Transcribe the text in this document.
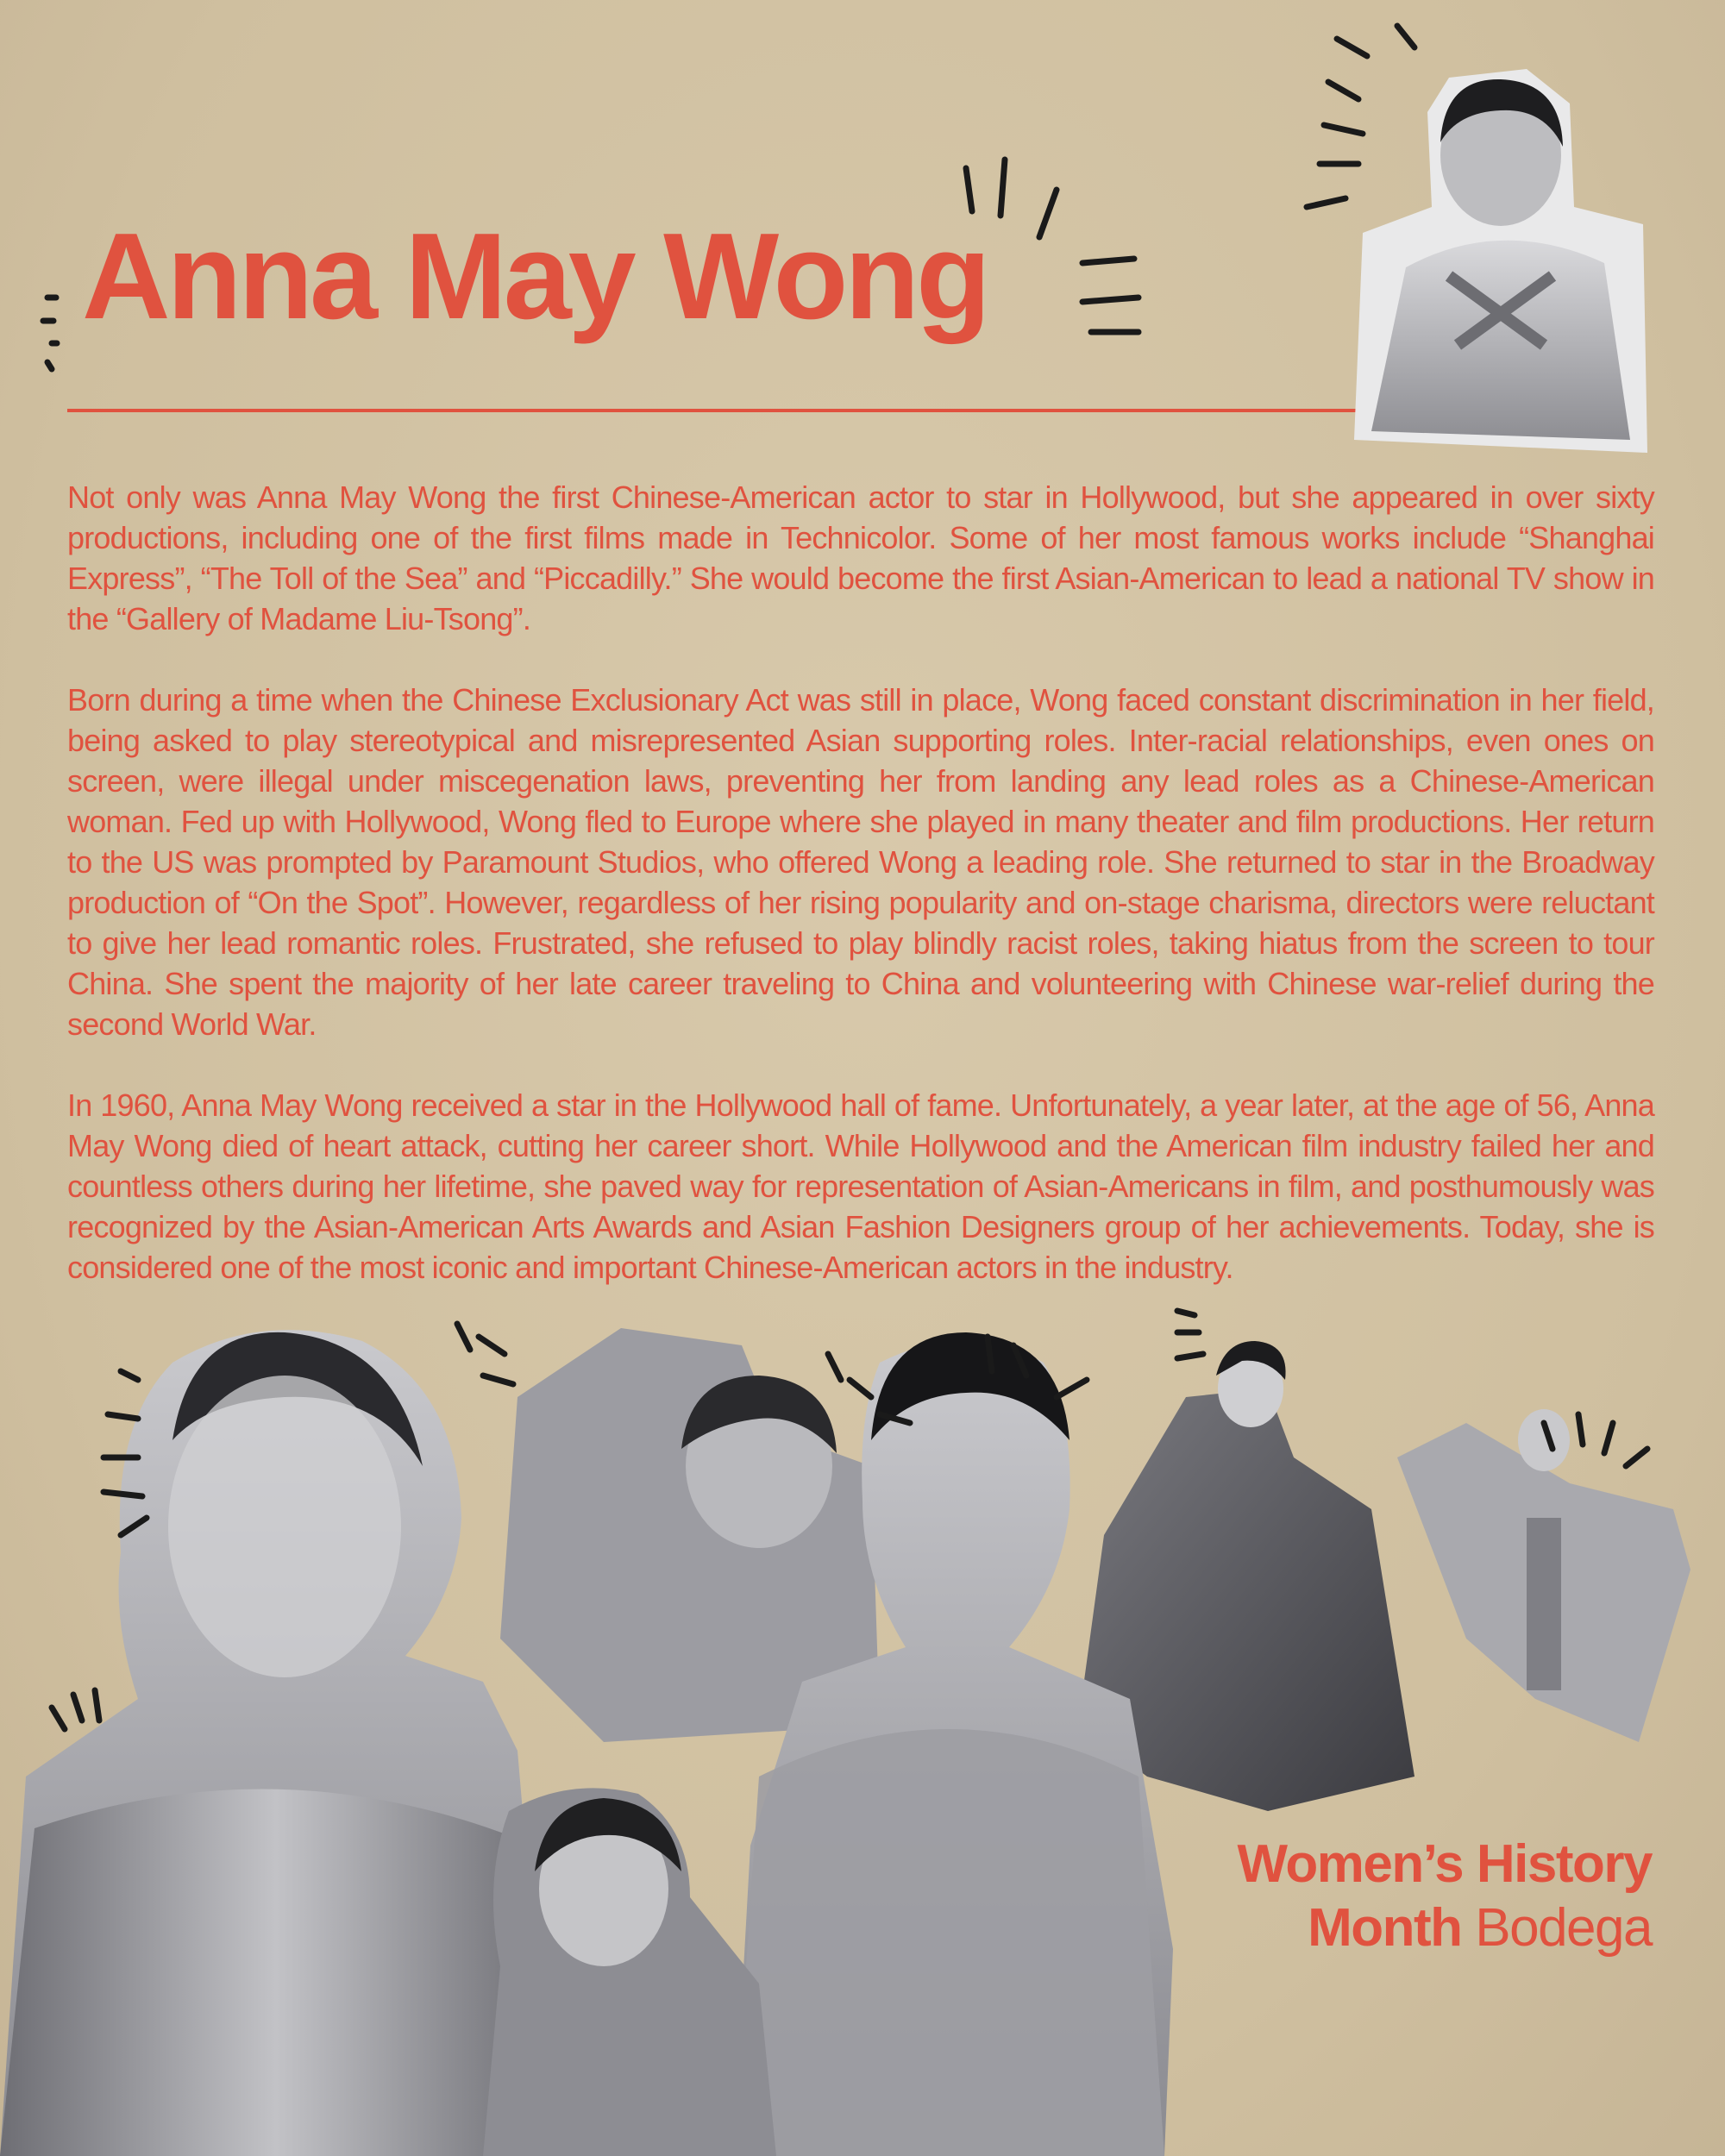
Anna May Wong

Not only was Anna May Wong the first Chinese-American actor to star in Hollywood, but she appeared in over sixty productions, including one of the first films made in Technicolor. Some of her most famous works include “Shanghai Express”, “The Toll of the Sea” and “Piccadilly.” She would become the first Asian-American to lead a national TV show in the “Gallery of Madame Liu-Tsong”.

Born during a time when the Chinese Exclusionary Act was still in place, Wong faced constant discrimination in her field, being asked to play stereotypical and misrepresented Asian supporting roles. Inter-racial relationships, even ones on screen, were illegal under miscegenation laws, preventing her from landing any lead roles as a Chinese-American woman. Fed up with Hollywood, Wong fled to Europe where she played in many theater and film productions. Her return to the US was prompted by Paramount Studios, who offered Wong a leading role. She returned to star in the Broadway production of “On the Spot”. However, regardless of her rising popularity and on-stage charisma, directors were reluctant to give her lead romantic roles. Frustrated, she refused to play blindly racist roles, taking hiatus from the screen to tour China. She spent the majority of her late career traveling to China and volunteering with Chinese war-relief during the second World War.

In 1960, Anna May Wong received a star in the Hollywood hall of fame. Unfortunately, a year later, at the age of 56, Anna May Wong died of heart attack, cutting her career short. While Hollywood and the American film industry failed her and countless others during her lifetime, she paved way for representation of Asian-Americans in film, and posthumously was recognized by the Asian-American Arts Awards and Asian Fashion Designers group of her achievements. Today, she is considered one of the most iconic and important Chinese-American actors in the industry.

Women’s History
Month Bodega
